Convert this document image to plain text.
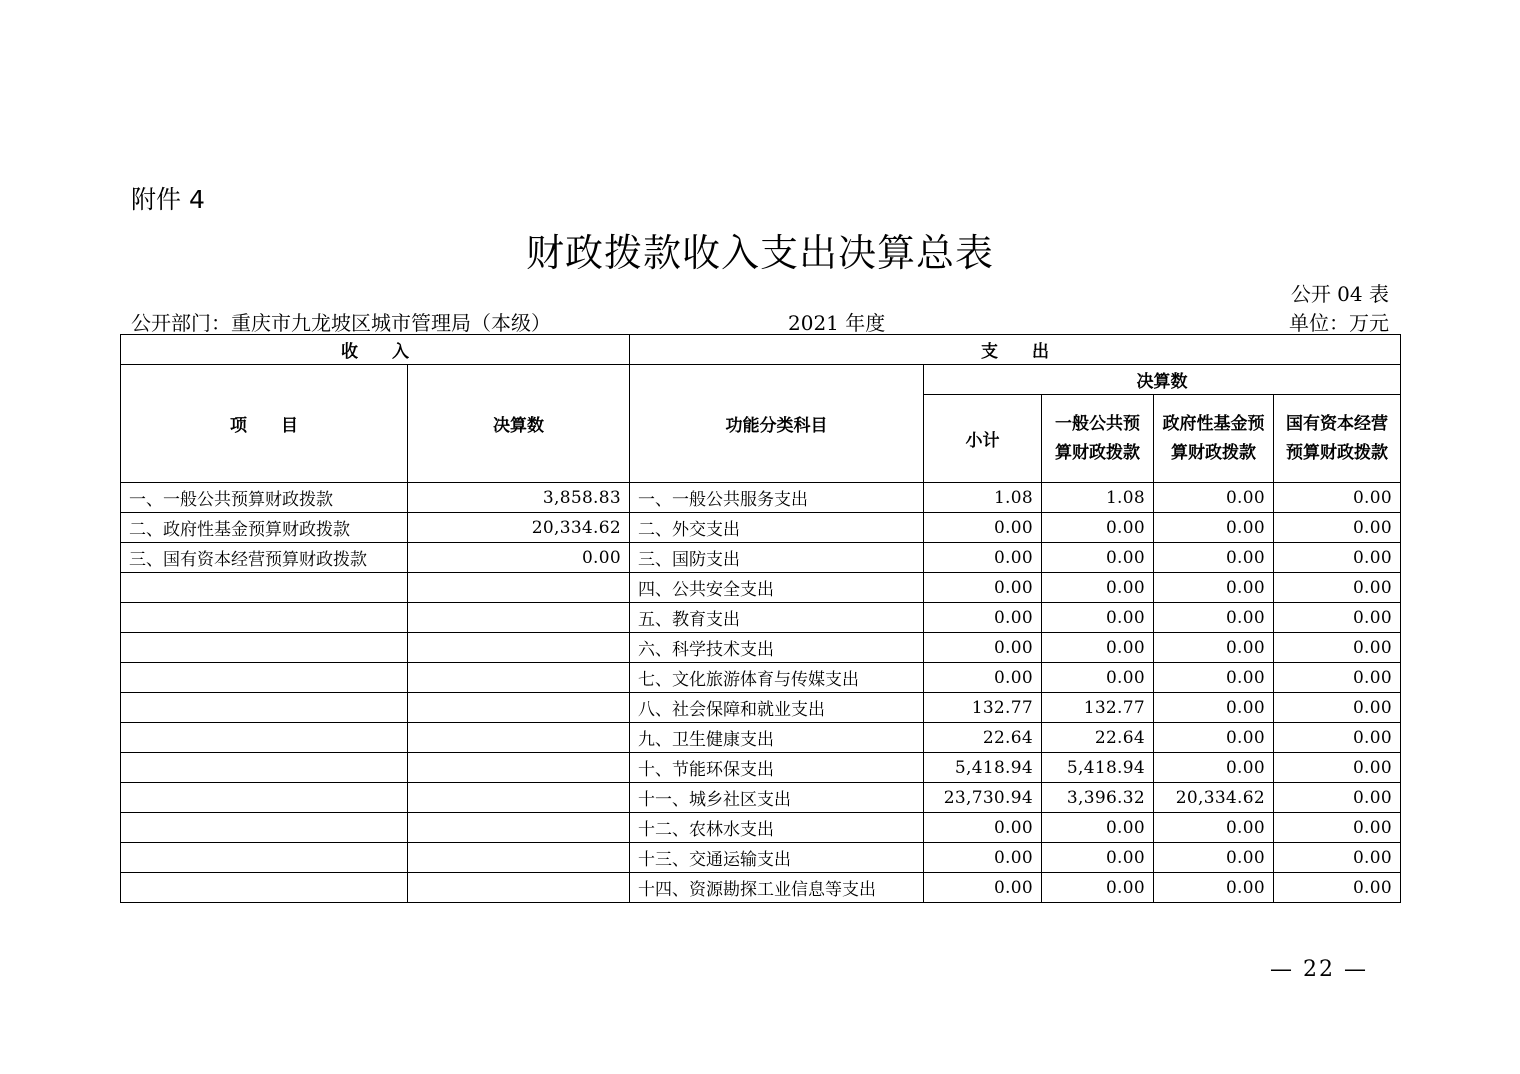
附件 4
财政拨款收入支出决算总表
公开 04 表
公开部门：重庆市九龙坡区城市管理局（本级）	2021 年度	单位：万元
收　　入		支　　出				
项　　目	决算数	功能分类科目	决算数			
			小计	一般公共预算财政拨款	政府性基金预算财政拨款	国有资本经营预算财政拨款
一、一般公共预算财政拨款	3,858.83	一、一般公共服务支出	1.08	1.08	0.00	0.00
二、政府性基金预算财政拨款	20,334.62	二、外交支出	0.00	0.00	0.00	0.00
三、国有资本经营预算财政拨款	0.00	三、国防支出	0.00	0.00	0.00	0.00
		四、公共安全支出	0.00	0.00	0.00	0.00
		五、教育支出	0.00	0.00	0.00	0.00
		六、科学技术支出	0.00	0.00	0.00	0.00
		七、文化旅游体育与传媒支出	0.00	0.00	0.00	0.00
		八、社会保障和就业支出	132.77	132.77	0.00	0.00
		九、卫生健康支出	22.64	22.64	0.00	0.00
		十、节能环保支出	5,418.94	5,418.94	0.00	0.00
		十一、城乡社区支出	23,730.94	3,396.32	20,334.62	0.00
		十二、农林水支出	0.00	0.00	0.00	0.00
		十三、交通运输支出	0.00	0.00	0.00	0.00
		十四、资源勘探工业信息等支出	0.00	0.00	0.00	0.00
— 22 —
